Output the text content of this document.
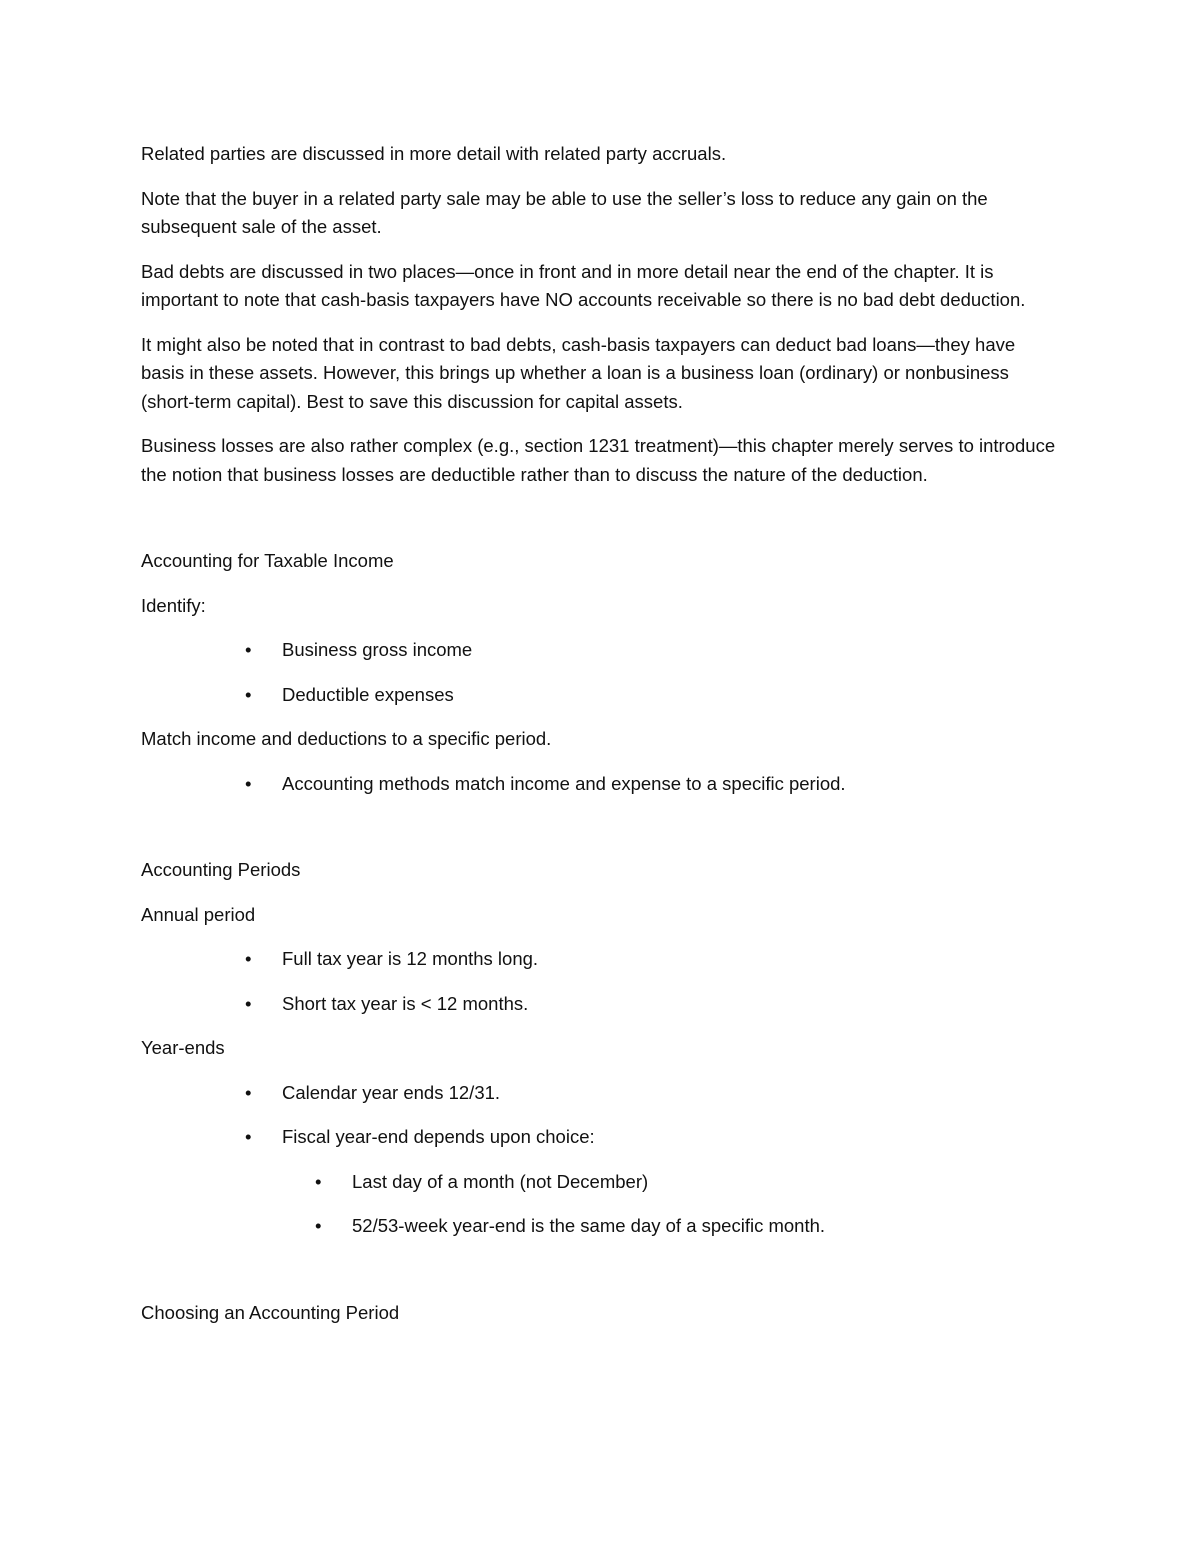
Related parties are discussed in more detail with related party accruals.

Note that the buyer in a related party sale may be able to use the seller’s loss to reduce any gain on the subsequent sale of the asset.

Bad debts are discussed in two places—once in front and in more detail near the end of the chapter. It is important to note that cash-basis taxpayers have NO accounts receivable so there is no bad debt deduction.

It might also be noted that in contrast to bad debts, cash-basis taxpayers can deduct bad loans—they have basis in these assets. However, this brings up whether a loan is a business loan (ordinary) or nonbusiness (short-term capital). Best to save this discussion for capital assets.

Business losses are also rather complex (e.g., section 1231 treatment)—this chapter merely serves to introduce the notion that business losses are deductible rather than to discuss the nature of the deduction.

Accounting for Taxable Income

Identify:

• Business gross income
• Deductible expenses

Match income and deductions to a specific period.

• Accounting methods match income and expense to a specific period.

Accounting Periods

Annual period

• Full tax year is 12 months long.
• Short tax year is < 12 months.

Year-ends

• Calendar year ends 12/31.
• Fiscal year-end depends upon choice:
• Last day of a month (not December)
• 52/53-week year-end is the same day of a specific month.

Choosing an Accounting Period
